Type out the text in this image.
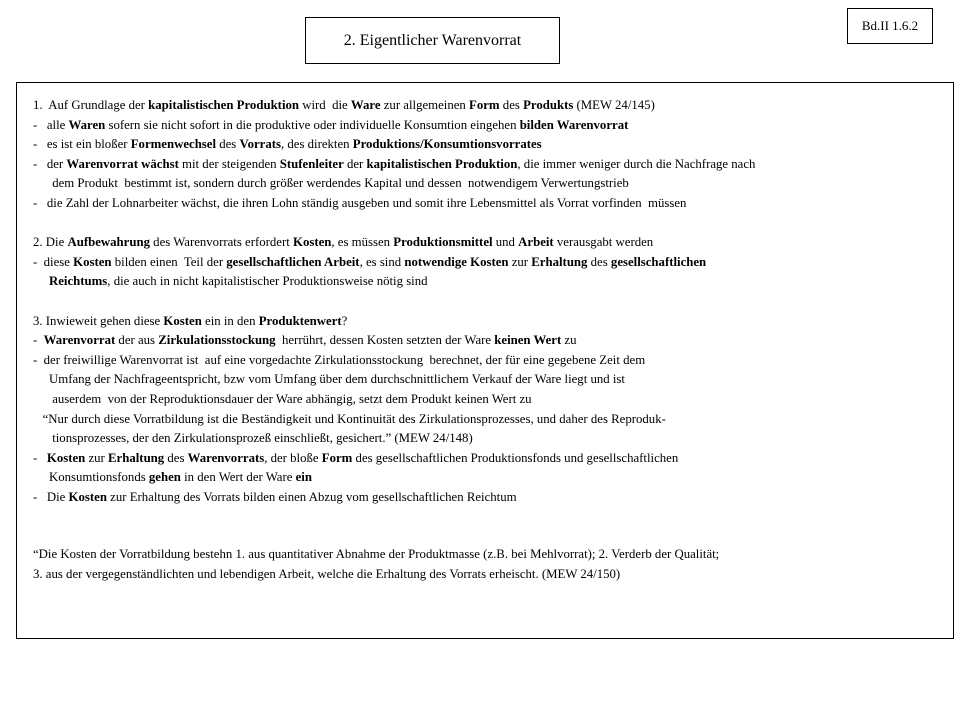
Bd.II 1.6.2
2. Eigentlicher Warenvorrat
1.  Auf Grundlage der kapitalistischen Produktion wird  die Ware zur allgemeinen Form des Produkts (MEW 24/145)
-   alle Waren sofern sie nicht sofort in die produktive oder individuelle Konsumtion eingehen bilden Warenvorrat
-   es ist ein bloßer Formenwechsel des Vorrats, des direkten Produktions/Konsumtionsvorrates
-   der Warenvorrat wächst mit der steigenden Stufenleiter der kapitalistischen Produktion, die immer weniger durch die Nachfrage nach
dem Produkt  bestimmt ist, sondern durch größer werdendes Kapital und dessen  notwendigem Verwertungstrieb
-   die Zahl der Lohnarbeiter wächst, die ihren Lohn ständig ausgeben und somit ihre Lebensmittel als Vorrat vorfinden  müssen
2. Die Aufbewahrung des Warenvorrats erfordert Kosten, es müssen Produktionsmittel und Arbeit verausgabt werden
-  diese Kosten bilden einen  Teil der gesellschaftlichen Arbeit, es sind notwendige Kosten zur Erhaltung des gesellschaftlichen
Reichtums, die auch in nicht kapitalistischer Produktionsweise nötig sind
3. Inwieweit gehen diese Kosten ein in den Produktenwert?
-  Warenvorrat der aus Zirkulationsstockung  herrührt, dessen Kosten setzten der Ware keinen Wert zu
-  der freiwillige Warenvorrat ist  auf eine vorgedachte Zirkulationsstockung  berechnet, der für eine gegebene Zeit dem
Umfang der Nachfrageentspricht, bzw vom Umfang über dem durchschnittlichem Verkauf der Ware liegt und ist
auserdem  von der Reproduktionsdauer der Ware abhängig, setzt dem Produkt keinen Wert zu
“Nur durch diese Vorratbildung ist die Beständigkeit und Kontinuität des Zirkulationsprozesses, und daher des Reproduk-
tionsprozesses, der den Zirkulationsprozeß einschließt, gesichert.” (MEW 24/148)
-   Kosten zur Erhaltung des Warenvorrats, der bloße Form des gesellschaftlichen Produktionsfonds und gesellschaftlichen
Konsumtionsfonds gehen in den Wert der Ware ein
-   Die Kosten zur Erhaltung des Vorrats bilden einen Abzug vom gesellschaftlichen Reichtum
“Die Kosten der Vorratbildung bestehn 1. aus quantitativer Abnahme der Produktmasse (z.B. bei Mehlvorrat); 2. Verderb der Qualität;
3. aus der vergegenständlichten und lebendigen Arbeit, welche die Erhaltung des Vorrats erheischt. (MEW 24/150)
